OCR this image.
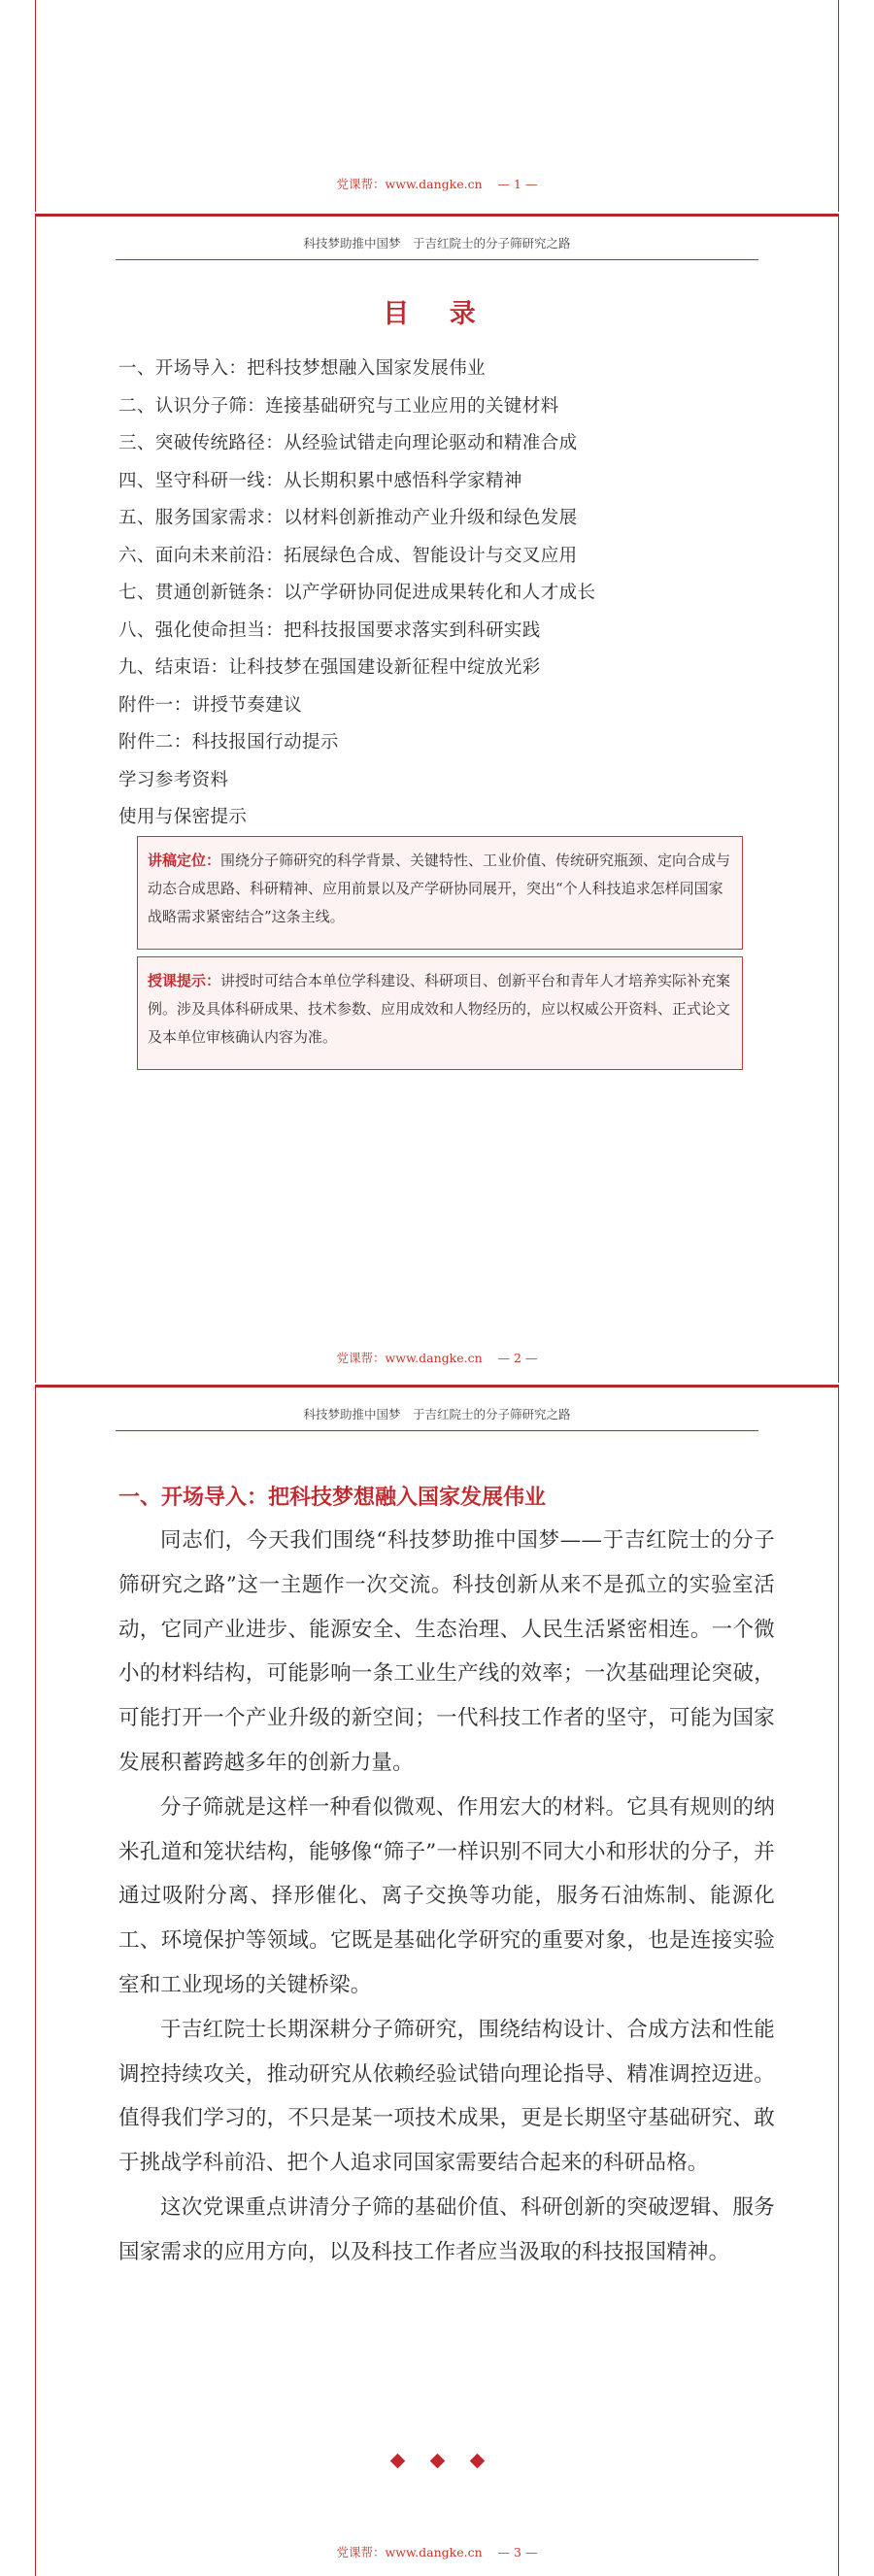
党课帮：www.dangke.cn — 1 —
科技梦助推中国梦　于吉红院士的分子筛研究之路
目 录
一、开场导入：把科技梦想融入国家发展伟业
二、认识分子筛：连接基础研究与工业应用的关键材料
三、突破传统路径：从经验试错走向理论驱动和精准合成
四、坚守科研一线：从长期积累中感悟科学家精神
五、服务国家需求：以材料创新推动产业升级和绿色发展
六、面向未来前沿：拓展绿色合成、智能设计与交叉应用
七、贯通创新链条：以产学研协同促进成果转化和人才成长
八、强化使命担当：把科技报国要求落实到科研实践
九、结束语：让科技梦在强国建设新征程中绽放光彩
附件一：讲授节奏建议
附件二：科技报国行动提示
学习参考资料
使用与保密提示
讲稿定位：围绕分子筛研究的科学背景、关键特性、工业价值、传统研究瓶颈、定向合成与动态合成思路、科研精神、应用前景以及产学研协同展开，突出“个人科技追求怎样同国家战略需求紧密结合”这条主线。
授课提示：讲授时可结合本单位学科建设、科研项目、创新平台和青年人才培养实际补充案例。涉及具体科研成果、技术参数、应用成效和人物经历的，应以权威公开资料、正式论文及本单位审核确认内容为准。
党课帮：www.dangke.cn — 2 —
科技梦助推中国梦　于吉红院士的分子筛研究之路
一、开场导入：把科技梦想融入国家发展伟业

同志们，今天我们围绕“科技梦助推中国梦——于吉红院士的分子筛研究之路”这一主题作一次交流。科技创新从来不是孤立的实验室活动，它同产业进步、能源安全、生态治理、人民生活紧密相连。一个微小的材料结构，可能影响一条工业生产线的效率；一次基础理论突破，可能打开一个产业升级的新空间；一代科技工作者的坚守，可能为国家发展积蓄跨越多年的创新力量。

分子筛就是这样一种看似微观、作用宏大的材料。它具有规则的纳米孔道和笼状结构，能够像“筛子”一样识别不同大小和形状的分子，并通过吸附分离、择形催化、离子交换等功能，服务石油炼制、能源化工、环境保护等领域。它既是基础化学研究的重要对象，也是连接实验室和工业现场的关键桥梁。

于吉红院士长期深耕分子筛研究，围绕结构设计、合成方法和性能调控持续攻关，推动研究从依赖经验试错向理论指导、精准调控迈进。值得我们学习的，不只是某一项技术成果，更是长期坚守基础研究、敢于挑战学科前沿、把个人追求同国家需要结合起来的科研品格。

这次党课重点讲清分子筛的基础价值、科研创新的突破逻辑、服务国家需求的应用方向，以及科技工作者应当汲取的科技报国精神。

党课帮：www.dangke.cn — 3 —
